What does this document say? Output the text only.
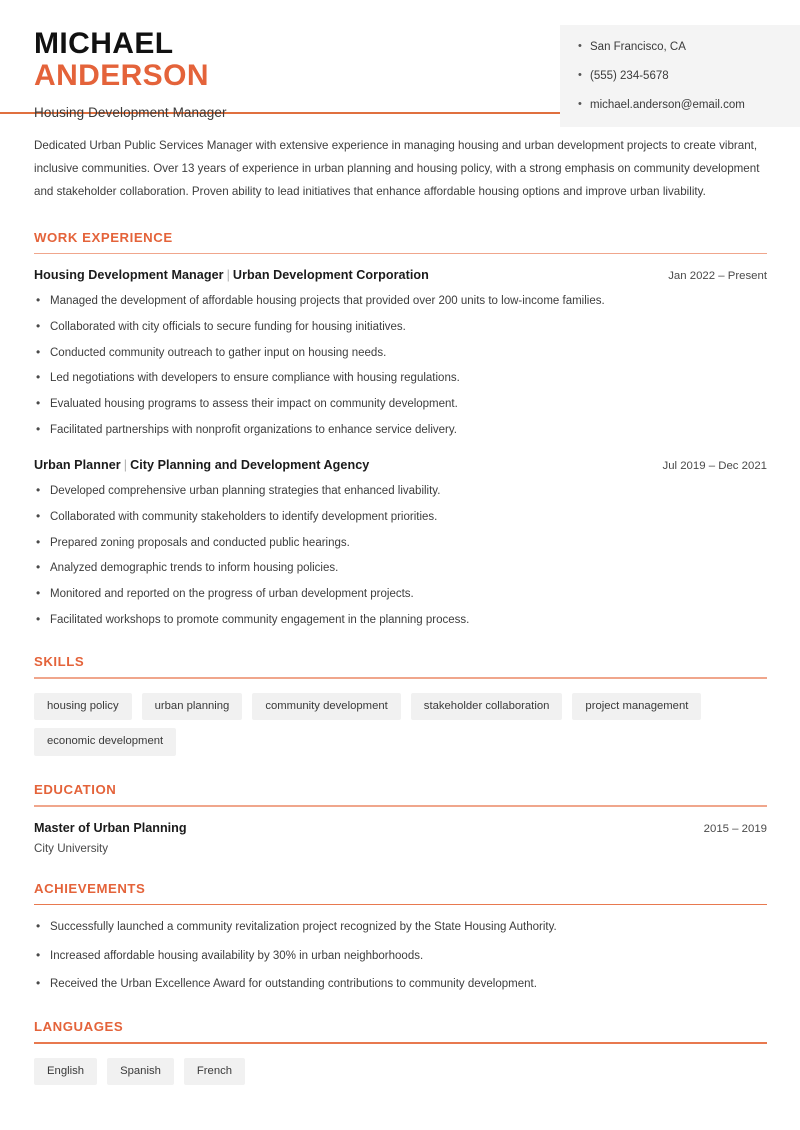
MICHAEL
ANDERSON
Housing Development Manager
• San Francisco, CA
• (555) 234-5678
• michael.anderson@email.com

Dedicated Urban Public Services Manager with extensive experience in managing housing and urban development projects to create vibrant, inclusive communities. Over 13 years of experience in urban planning and housing policy, with a strong emphasis on community development and stakeholder collaboration. Proven ability to lead initiatives that enhance affordable housing options and improve urban livability.

WORK EXPERIENCE
Housing Development Manager | Urban Development Corporation	Jan 2022 – Present
• Managed the development of affordable housing projects that provided over 200 units to low-income families.
• Collaborated with city officials to secure funding for housing initiatives.
• Conducted community outreach to gather input on housing needs.
• Led negotiations with developers to ensure compliance with housing regulations.
• Evaluated housing programs to assess their impact on community development.
• Facilitated partnerships with nonprofit organizations to enhance service delivery.
Urban Planner | City Planning and Development Agency	Jul 2019 – Dec 2021
• Developed comprehensive urban planning strategies that enhanced livability.
• Collaborated with community stakeholders to identify development priorities.
• Prepared zoning proposals and conducted public hearings.
• Analyzed demographic trends to inform housing policies.
• Monitored and reported on the progress of urban development projects.
• Facilitated workshops to promote community engagement in the planning process.
SKILLS
housing policy	urban planning	community development	stakeholder collaboration	project management
economic development
EDUCATION
Master of Urban Planning	2015 – 2019
City University
ACHIEVEMENTS
• Successfully launched a community revitalization project recognized by the State Housing Authority.
• Increased affordable housing availability by 30% in urban neighborhoods.
• Received the Urban Excellence Award for outstanding contributions to community development.
LANGUAGES
English	Spanish	French
